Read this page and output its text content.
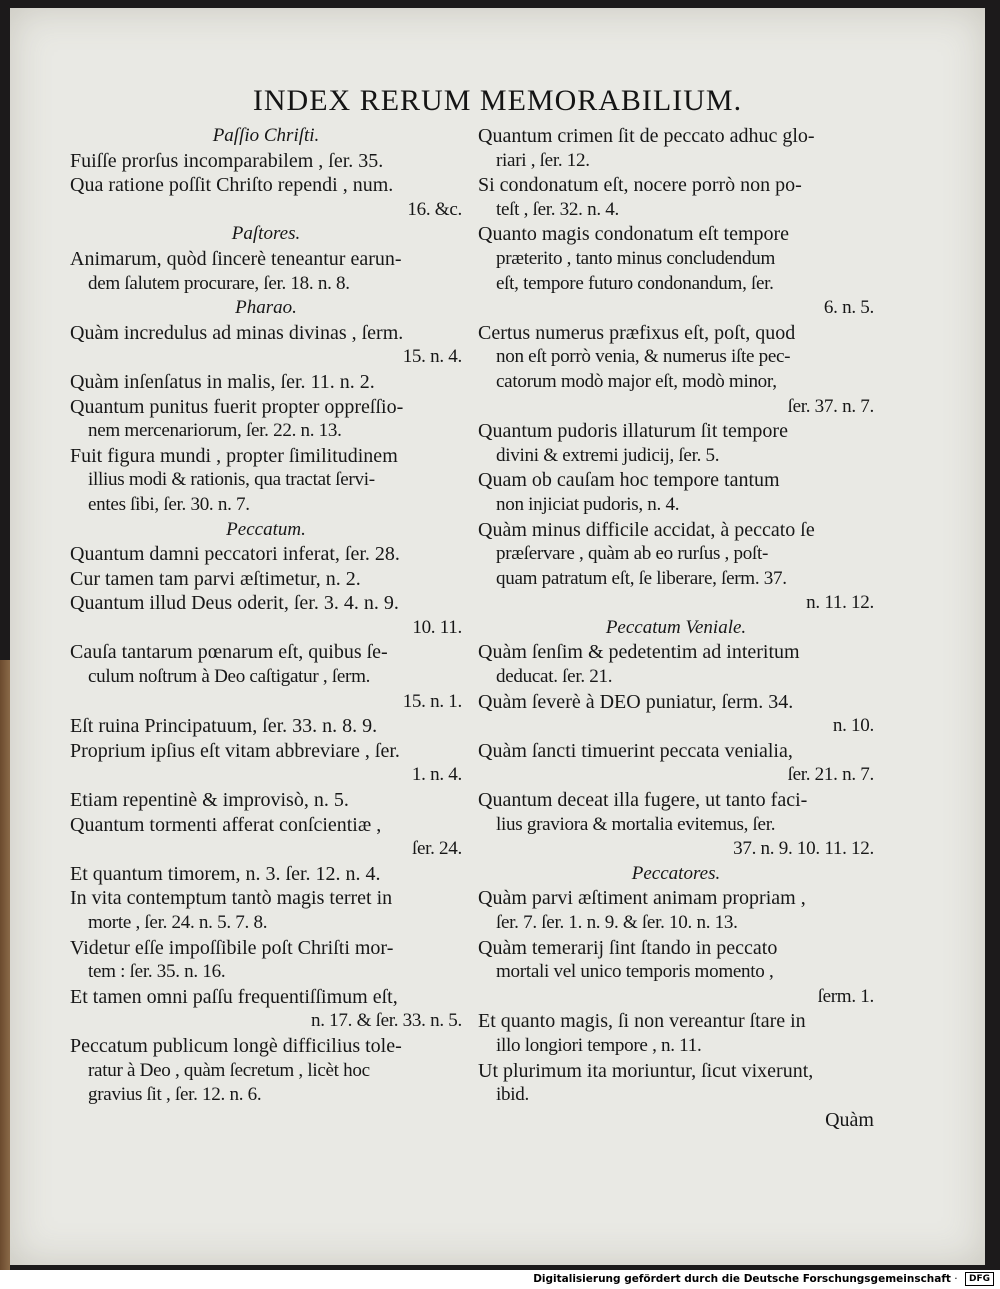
INDEX RERUM MEMORABILIUM.
Paſſio Chriſti.
Fuiſſe prorſus incomparabilem , ſer. 35.
Qua ratione poſſit Chriſto rependi , num.
16. &c.
Paſtores.
Animarum, quòd ſincerè teneantur earun-
dem ſalutem procurare, ſer. 18. n. 8.
Pharao.
Quàm incredulus ad minas divinas , ſerm.
15. n. 4.
Quàm inſenſatus in malis, ſer. 11. n. 2.
Quantum punitus fuerit propter oppreſſio-
nem mercenariorum, ſer. 22. n. 13.
Fuit figura mundi , propter ſimilitudinem
illius modi & rationis, qua tractat ſervi-
entes ſibi, ſer. 30. n. 7.
Peccatum.
Quantum damni peccatori inferat, ſer. 28.
Cur tamen tam parvi æſtimetur, n. 2.
Quantum illud Deus oderit, ſer. 3. 4. n. 9.
10. 11.
Cauſa tantarum pœnarum eſt, quibus ſe-
culum noſtrum à Deo caſtigatur , ſerm.
15. n. 1.
Eſt ruina Principatuum, ſer. 33. n. 8. 9.
Proprium ipſius eſt vitam abbreviare , ſer.
1. n. 4.
Etiam repentinè & improvisò, n. 5.
Quantum tormenti afferat conſcientiæ ,
ſer. 24.
Et quantum timorem, n. 3. ſer. 12. n. 4.
In vita contemptum tantò magis terret in
morte , ſer. 24. n. 5. 7. 8.
Videtur eſſe impoſſibile poſt Chriſti mor-
tem : ſer. 35. n. 16.
Et tamen omni paſſu frequentiſſimum eſt,
n. 17. & ſer. 33. n. 5.
Peccatum publicum longè difficilius tole-
ratur à Deo , quàm ſecretum , licèt hoc
gravius ſit , ſer. 12. n. 6.
Quantum crimen ſit de peccato adhuc glo-
riari , ſer. 12.
Si condonatum eſt, nocere porrò non po-
teſt , ſer. 32. n. 4.
Quanto magis condonatum eſt tempore
præterito , tanto minus concludendum
eſt, tempore futuro condonandum, ſer.
6. n. 5.
Certus numerus præfixus eſt, poſt, quod
non eſt porrò venia, & numerus iſte pec-
catorum modò major eſt, modò minor,
ſer. 37. n. 7.
Quantum pudoris illaturum ſit tempore
divini & extremi judicij, ſer. 5.
Quam ob cauſam hoc tempore tantum
non injiciat pudoris, n. 4.
Quàm minus difficile accidat, à peccato ſe
præſervare , quàm ab eo rurſus , poſt-
quam patratum eſt, ſe liberare, ſerm. 37.
n. 11. 12.
Peccatum Veniale.
Quàm ſenſim & pedetentim ad interitum
deducat. ſer. 21.
Quàm ſeverè à DEO puniatur, ſerm. 34.
n. 10.
Quàm ſancti timuerint peccata venialia,
ſer. 21. n. 7.
Quantum deceat illa fugere, ut tanto faci-
lius graviora & mortalia evitemus, ſer.
37. n. 9. 10. 11. 12.
Peccatores.
Quàm parvi æſtiment animam propriam ,
ſer. 7. ſer. 1. n. 9. & ſer. 10. n. 13.
Quàm temerarij ſint ſtando in peccato
mortali vel unico temporis momento ,
ſerm. 1.
Et quanto magis, ſi non vereantur ſtare in
illo longiori tempore , n. 11.
Ut plurimum ita moriuntur, ſicut vixerunt,
ibid.
Quàm
Digitalisierung gefördert durch die Deutsche Forschungsgemeinschaft · DFG
